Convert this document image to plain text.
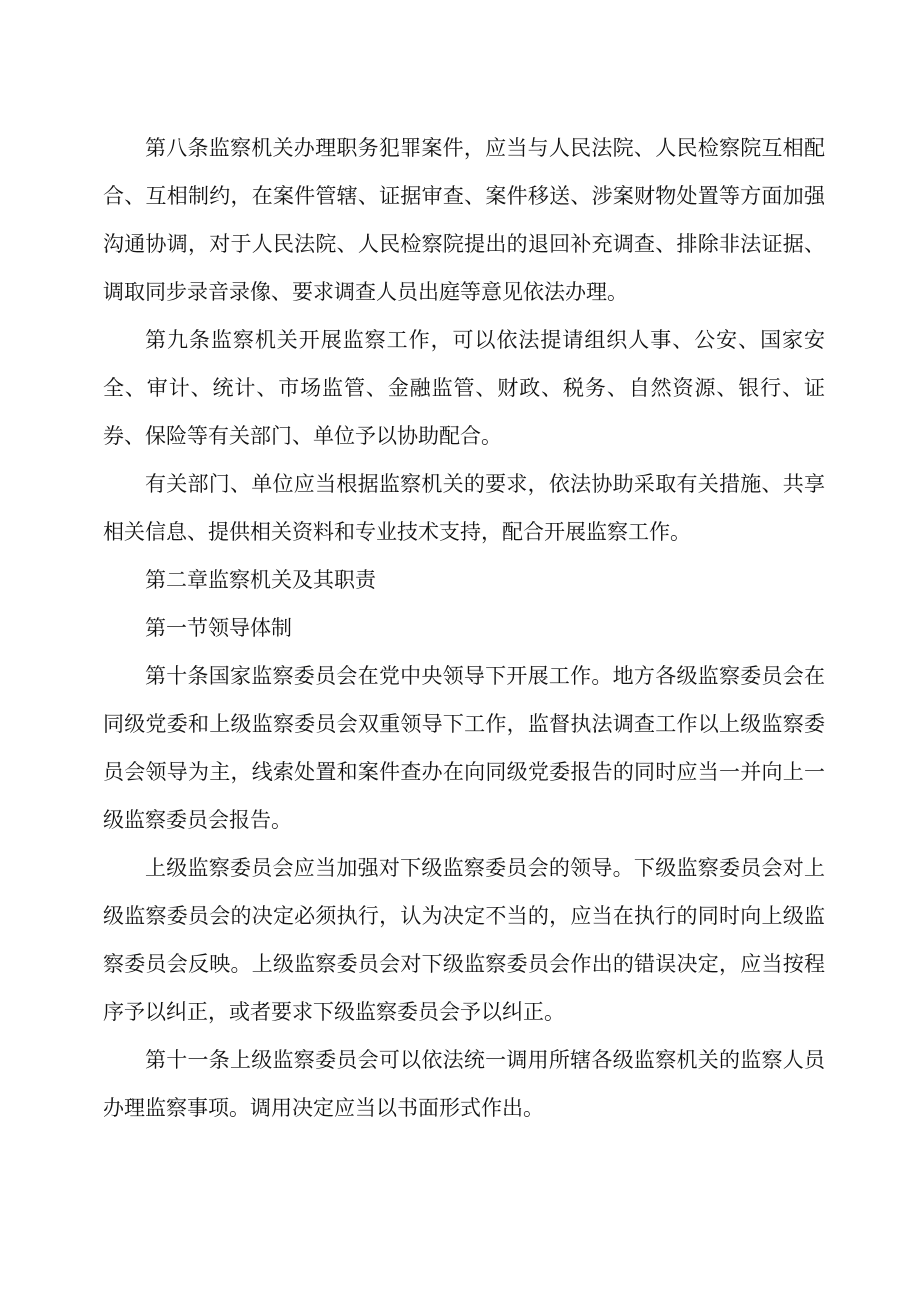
第八条监察机关办理职务犯罪案件，应当与人民法院、人民检察院互相配合、互相制约，在案件管辖、证据审查、案件移送、涉案财物处置等方面加强沟通协调，对于人民法院、人民检察院提出的退回补充调查、排除非法证据、调取同步录音录像、要求调查人员出庭等意见依法办理。

第九条监察机关开展监察工作，可以依法提请组织人事、公安、国家安全、审计、统计、市场监管、金融监管、财政、税务、自然资源、银行、证券、保险等有关部门、单位予以协助配合。

有关部门、单位应当根据监察机关的要求，依法协助采取有关措施、共享相关信息、提供相关资料和专业技术支持，配合开展监察工作。

第二章监察机关及其职责

第一节领导体制

第十条国家监察委员会在党中央领导下开展工作。地方各级监察委员会在同级党委和上级监察委员会双重领导下工作，监督执法调查工作以上级监察委员会领导为主，线索处置和案件查办在向同级党委报告的同时应当一并向上一级监察委员会报告。

上级监察委员会应当加强对下级监察委员会的领导。下级监察委员会对上级监察委员会的决定必须执行，认为决定不当的，应当在执行的同时向上级监察委员会反映。上级监察委员会对下级监察委员会作出的错误决定，应当按程序予以纠正，或者要求下级监察委员会予以纠正。

第十一条上级监察委员会可以依法统一调用所辖各级监察机关的监察人员办理监察事项。调用决定应当以书面形式作出。
